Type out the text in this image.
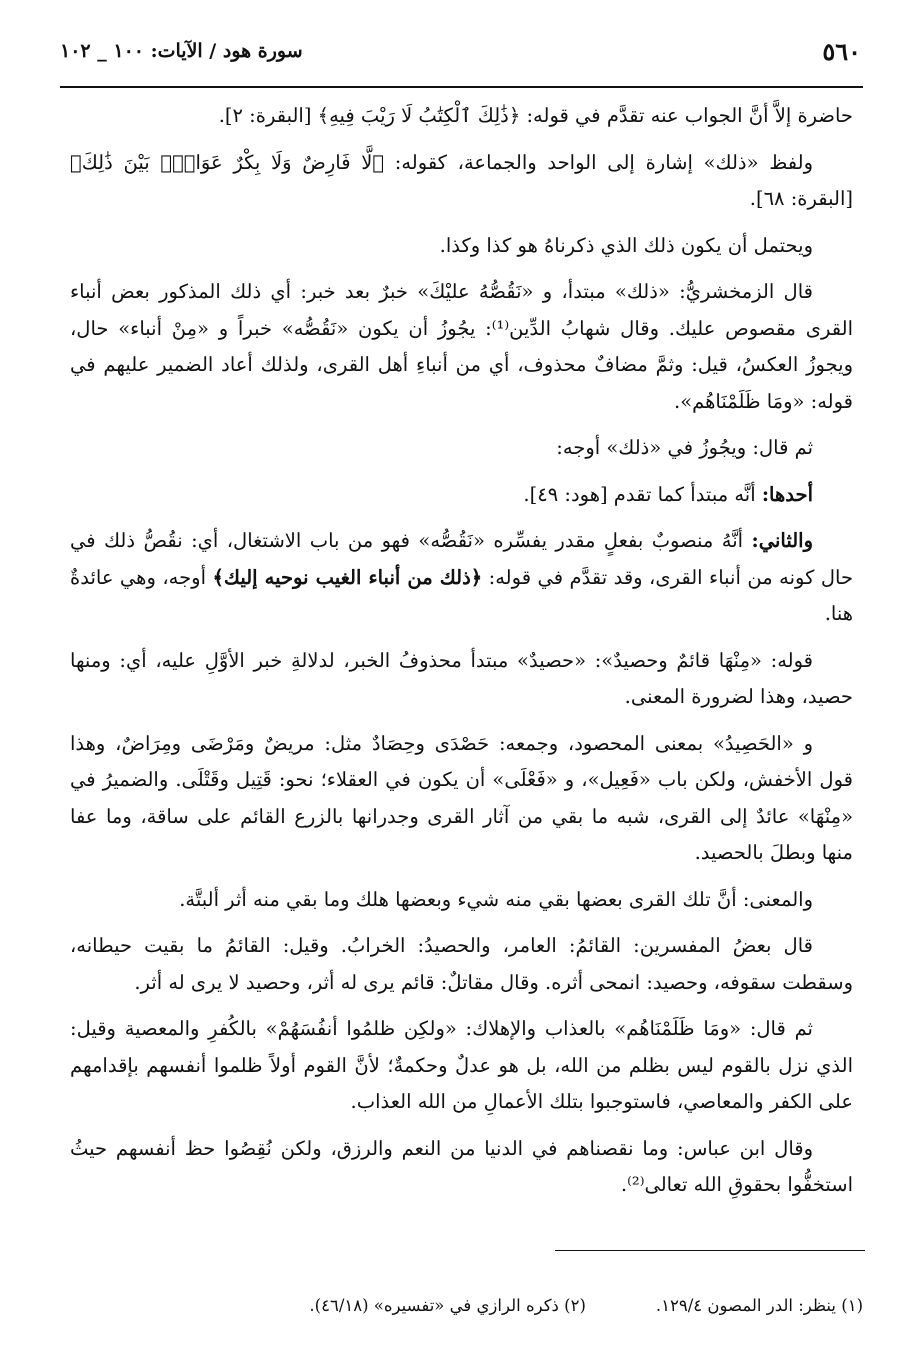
٥٦٠
سورة هود / الآيات: ١٠٠ _ ١٠٢

حاضرة إلاَّ أنَّ الجواب عنه تقدَّم في قوله: ﴿ذَٰلِكَ ٱلْكِتَٰبُ لَا رَيْبَ فِيهِ﴾ [البقرة: ٢].

ولفظ «ذلك» إشارة إلى الواحد والجماعة، كقوله: ﴿لَّا فَارِضٌ وَلَا بِكْرٌ عَوَانٌۢ بَيْنَ ذَٰلِكَ﴾ [البقرة: ٦٨].

ويحتمل أن يكون ذلك الذي ذكرناهُ هو كذا وكذا.

قال الزمخشريُّ: «ذلك» مبتدأ، و «نَقُصُّهُ عليْكَ» خبرٌ بعد خبر: أي ذلك المذكور بعض أنباء القرى مقصوص عليك. وقال شهابُ الدِّين⁽¹⁾: يجُوزُ أن يكون «نَقُصُّه» خبراً و «مِنْ أنباء» حال، ويجوزُ العكسُ، قيل: وثمَّ مضافٌ محذوف، أي من أنباءِ أهل القرى، ولذلك أعاد الضمير عليهم في قوله: «ومَا ظَلَمْنَاهُم».

ثم قال: ويجُوزُ في «ذلك» أوجه:

أحدها: أنَّه مبتدأ كما تقدم [هود: ٤٩].

والثاني: أنَّهُ منصوبٌ بفعلٍ مقدر يفسِّره «نَقُصُّه» فهو من باب الاشتغال، أي: نقُصُّ ذلك في حال كونه من أنباء القرى، وقد تقدَّم في قوله: ﴿ذلك من أنباء الغيب نوحيه إليك﴾ أوجه، وهي عائدةٌ هنا.

قوله: «مِنْهَا قائمٌ وحصيدٌ»: «حصيدٌ» مبتدأ محذوفُ الخبر، لدلالةِ خبر الأوَّلِ عليه، أي: ومنها حصيد، وهذا لضرورة المعنى.

و «الحَصِيدُ» بمعنى المحصود، وجمعه: حَصْدَى وحِصَادٌ مثل: مريضٌ ومَرْضَى ومِرَاضٌ، وهذا قول الأخفش، ولكن باب «فَعِيل»، و «فَعْلَى» أن يكون في العقلاء؛ نحو: قَتِيل وقَتْلَى. والضميرُ في «مِنْهَا» عائدٌ إلى القرى، شبه ما بقي من آثار القرى وجدرانها بالزرع القائم على ساقة، وما عفا منها وبطلَ بالحصيد.

والمعنى: أنَّ تلك القرى بعضها بقي منه شيء وبعضها هلك وما بقي منه أثر ألبتَّة.

قال بعضُ المفسرين: القائمُ: العامر، والحصيدُ: الخرابُ. وقيل: القائمُ ما بقيت حيطانه، وسقطت سقوفه، وحصيد: انمحى أثره. وقال مقاتلٌ: قائم يرى له أثر، وحصيد لا يرى له أثر.

ثم قال: «ومَا ظَلَمْنَاهُم» بالعذاب والإهلاك: «ولكِن ظلمُوا أنفُسَهُمْ» بالكُفرِ والمعصية وقيل: الذي نزل بالقوم ليس بظلم من الله، بل هو عدلٌ وحكمةٌ؛ لأنَّ القوم أولاً ظلموا أنفسهم بإقدامهم على الكفر والمعاصي، فاستوجبوا بتلك الأعمالِ من الله العذاب.

وقال ابن عباس: وما نقصناهم في الدنيا من النعم والرزق، ولكن نُقِصُوا حظ أنفسهم حيثُ استخفُّوا بحقوقِ الله تعالى⁽²⁾.

(١) ينظر: الدر المصون ١٢٩/٤.
(٢) ذكره الرازي في «تفسيره» (٤٦/١٨).
